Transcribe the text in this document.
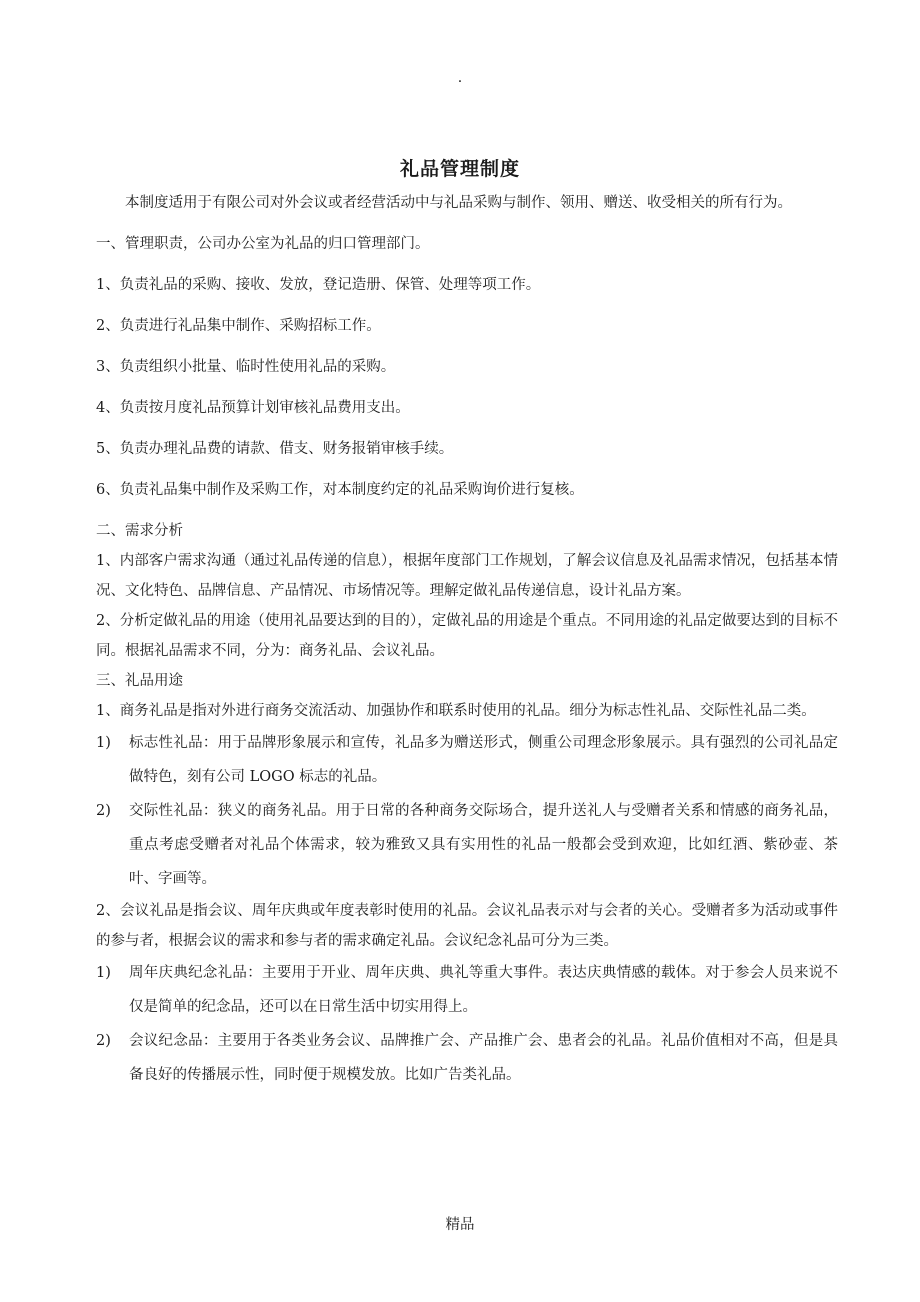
.
礼品管理制度

本制度适用于有限公司对外会议或者经营活动中与礼品采购与制作、领用、赠送、收受相关的所有行为。

一、管理职责，公司办公室为礼品的归口管理部门。

1、负责礼品的采购、接收、发放，登记造册、保管、处理等项工作。

2、负责进行礼品集中制作、采购招标工作。

3、负责组织小批量、临时性使用礼品的采购。

4、负责按月度礼品预算计划审核礼品费用支出。

5、负责办理礼品费的请款、借支、财务报销审核手续。

6、负责礼品集中制作及采购工作，对本制度约定的礼品采购询价进行复核。

二、需求分析

1、内部客户需求沟通（通过礼品传递的信息），根据年度部门工作规划，了解会议信息及礼品需求情况，包括基本情况、文化特色、品牌信息、产品情况、市场情况等。理解定做礼品传递信息，设计礼品方案。

2、分析定做礼品的用途（使用礼品要达到的目的），定做礼品的用途是个重点。不同用途的礼品定做要达到的目标不同。根据礼品需求不同，分为：商务礼品、会议礼品。

三、礼品用途

1、商务礼品是指对外进行商务交流活动、加强协作和联系时使用的礼品。细分为标志性礼品、交际性礼品二类。

1)	标志性礼品：用于品牌形象展示和宣传，礼品多为赠送形式，侧重公司理念形象展示。具有强烈的公司礼品定做特色，刻有公司 LOGO 标志的礼品。
2)	交际性礼品：狭义的商务礼品。用于日常的各种商务交际场合，提升送礼人与受赠者关系和情感的商务礼品，重点考虑受赠者对礼品个体需求，较为雅致又具有实用性的礼品一般都会受到欢迎，比如红酒、紫砂壶、茶叶、字画等。

2、会议礼品是指会议、周年庆典或年度表彰时使用的礼品。会议礼品表示对与会者的关心。受赠者多为活动或事件的参与者，根据会议的需求和参与者的需求确定礼品。会议纪念礼品可分为三类。

1)	周年庆典纪念礼品：主要用于开业、周年庆典、典礼等重大事件。表达庆典情感的载体。对于参会人员来说不仅是简单的纪念品，还可以在日常生活中切实用得上。
2)	会议纪念品：主要用于各类业务会议、品牌推广会、产品推广会、患者会的礼品。礼品价值相对不高，但是具备良好的传播展示性，同时便于规模发放。比如广告类礼品。
精品
